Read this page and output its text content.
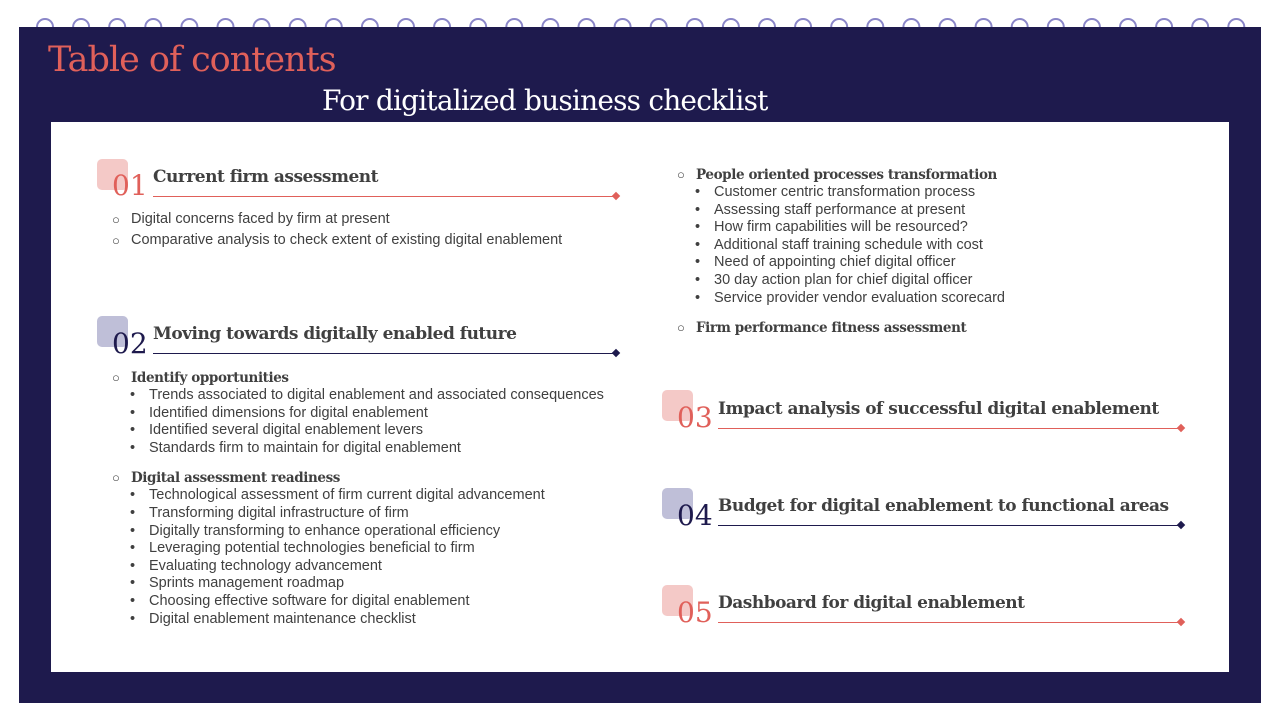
Table of contents
For digitalized business checklist
01 Current firm assessment
○ Digital concerns faced by firm at present
○ Comparative analysis to check extent of existing digital enablement
02 Moving towards digitally enabled future
○ Identify opportunities
• Trends associated to digital enablement and associated consequences
• Identified dimensions for digital enablement
• Identified several digital enablement levers
• Standards firm to maintain for digital enablement
○ Digital assessment readiness
• Technological assessment of firm current digital advancement
• Transforming digital infrastructure of firm
• Digitally transforming to enhance operational efficiency
• Leveraging potential technologies beneficial to firm
• Evaluating technology advancement
• Sprints management roadmap
• Choosing effective software for digital enablement
• Digital enablement maintenance checklist
○ People oriented processes transformation
• Customer centric transformation process
• Assessing staff performance at present
• How firm capabilities will be resourced?
• Additional staff training schedule with cost
• Need of appointing chief digital officer
• 30 day action plan for chief digital officer
• Service provider vendor evaluation scorecard
○ Firm performance fitness assessment
03 Impact analysis of successful digital enablement
04 Budget for digital enablement to functional areas
05 Dashboard for digital enablement
